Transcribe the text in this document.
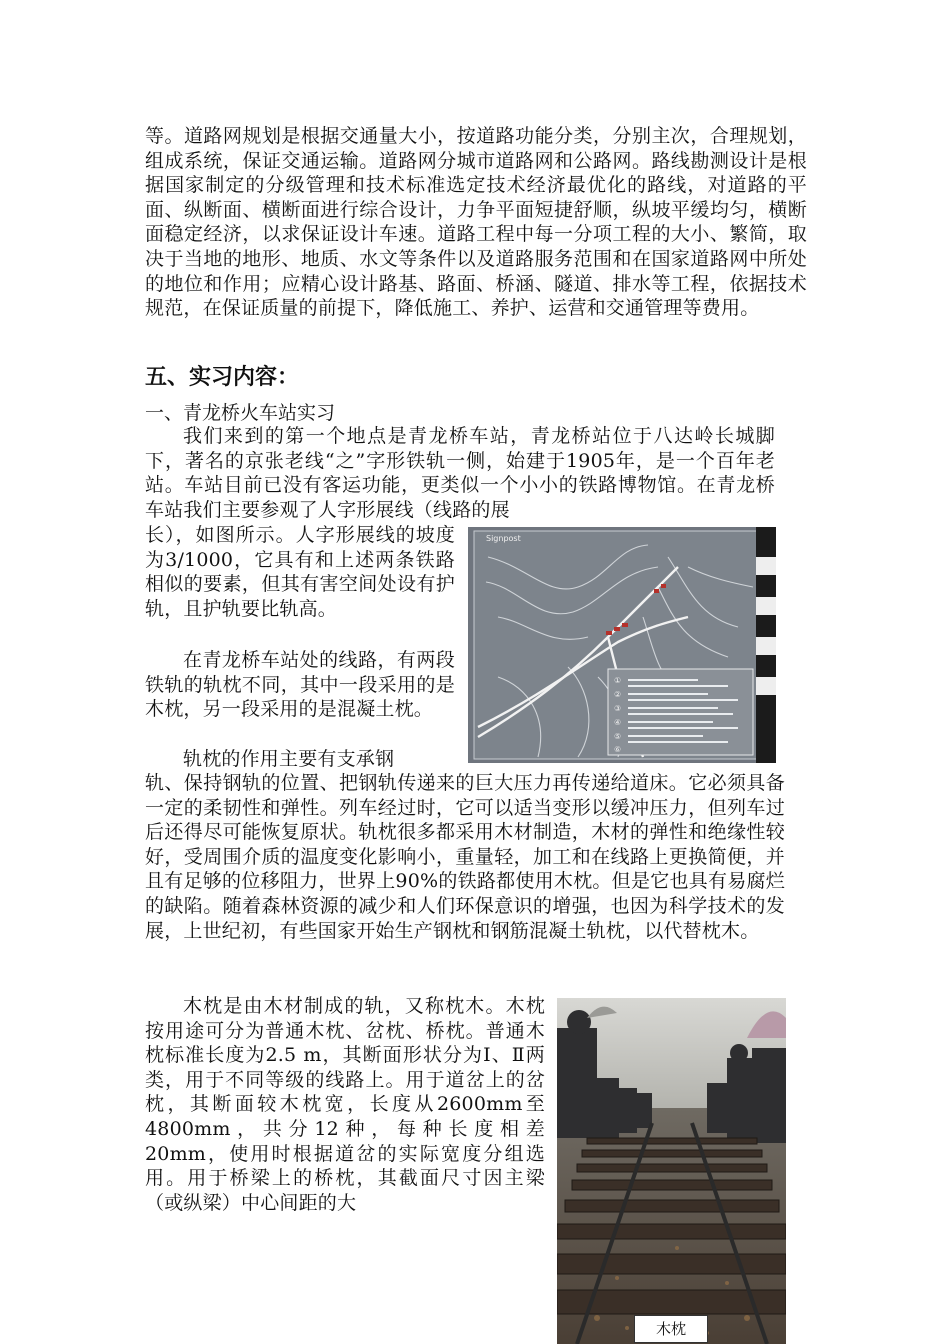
等。道路网规划是根据交通量大小，按道路功能分类，分别主次，合理规划，组成系统，保证交通运输。道路网分城市道路网和公路网。路线勘测设计是根据国家制定的分级管理和技术标准选定技术经济最优化的路线，对道路的平面、纵断面、横断面进行综合设计，力争平面短捷舒顺，纵坡平缓均匀，横断面稳定经济，以求保证设计车速。道路工程中每一分项工程的大小、繁简，取决于当地的地形、地质、水文等条件以及道路服务范围和在国家道路网中所处的地位和作用；应精心设计路基、路面、桥涵、隧道、排水等工程，依据技术规范，在保证质量的前提下，降低施工、养护、运营和交通管理等费用。

五、实习内容：

一、青龙桥火车站实习

我们来到的第一个地点是青龙桥车站，青龙桥站位于八达岭长城脚下，著名的京张老线“之”字形铁轨一侧，始建于1905年，是一个百年老站。车站目前已没有客运功能，更类似一个小小的铁路博物馆。在青龙桥车站我们主要参观了人字形展线（线路的展

长），如图所示。人字形展线的坡度为3/1000，它具有和上述两条铁路相似的要素，但其有害空间处设有护轨，且护轨要比轨高。

在青龙桥车站处的线路，有两段铁轨的轨枕不同，其中一段采用的是木枕，另一段采用的是混凝土枕。

轨枕的作用主要有支承钢

轨、保持钢轨的位置、把钢轨传递来的巨大压力再传递给道床。它必须具备一定的柔韧性和弹性。列车经过时，它可以适当变形以缓冲压力，但列车过后还得尽可能恢复原状。轨枕很多都采用木材制造，木材的弹性和绝缘性较好，受周围介质的温度变化影响小，重量轻，加工和在线路上更换简便，并且有足够的位移阻力，世界上90%的铁路都使用木枕。但是它也具有易腐烂的缺陷。随着森林资源的减少和人们环保意识的增强，也因为科学技术的发展，上世纪初，有些国家开始生产钢枕和钢筋混凝土轨枕，以代替枕木。

木枕是由木材制成的轨，又称枕木。木枕按用途可分为普通木枕、岔枕、桥枕。普通木枕标准长度为2.5 m，其断面形状分为Ⅰ、Ⅱ两类，用于不同等级的线路上。用于道岔上的岔枕，其断面较木枕宽，长度从2600mm至4800mm，共分12种，每种长度相差20mm，使用时根据道岔的实际宽度分组选用。用于桥梁上的桥枕，其截面尺寸因主梁（或纵梁）中心间距的大

Signpost
①
②
③
④
⑤
⑥
木枕
